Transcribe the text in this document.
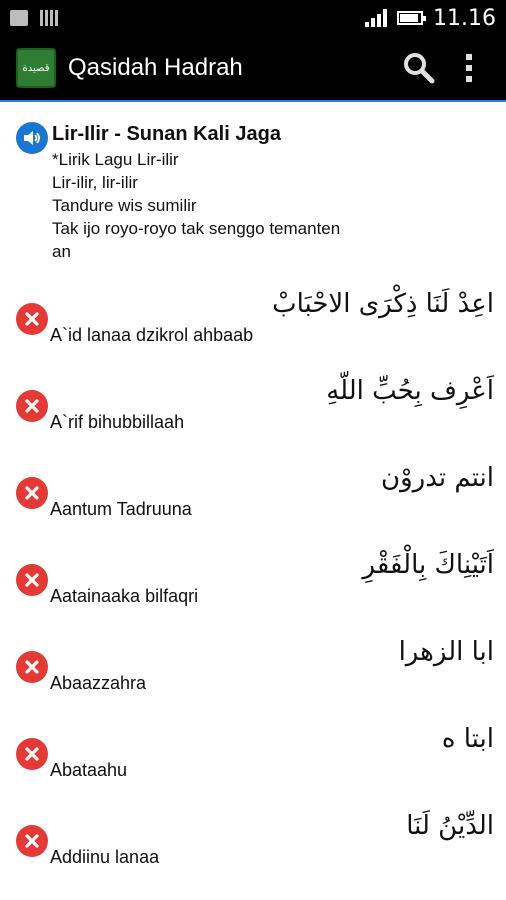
11.16
قصيدة Qasidah Hadrah
Lir-Ilir - Sunan Kali Jaga
*Lirik Lagu Lir-ilir
Lir-ilir, lir-ilir
Tandure wis sumilir
Tak ijo royo-royo tak senggo temanten
an
اعِدْ لَنَا ذِكْرَى الاحْبَابْ
A`id lanaa dzikrol ahbaab
اَعْرِف بِحُبِّ اللّهِ
A`rif bihubbillaah
انتم تدروْن
Aantum Tadruuna
اَتَيْنِاكَ بِالْفَقْرِ
Aatainaaka bilfaqri
ابا الزهرا
Abaazzahra
ابتا ه
Abataahu
الدِّيْنُ لَنَا
Addiinu lanaa
